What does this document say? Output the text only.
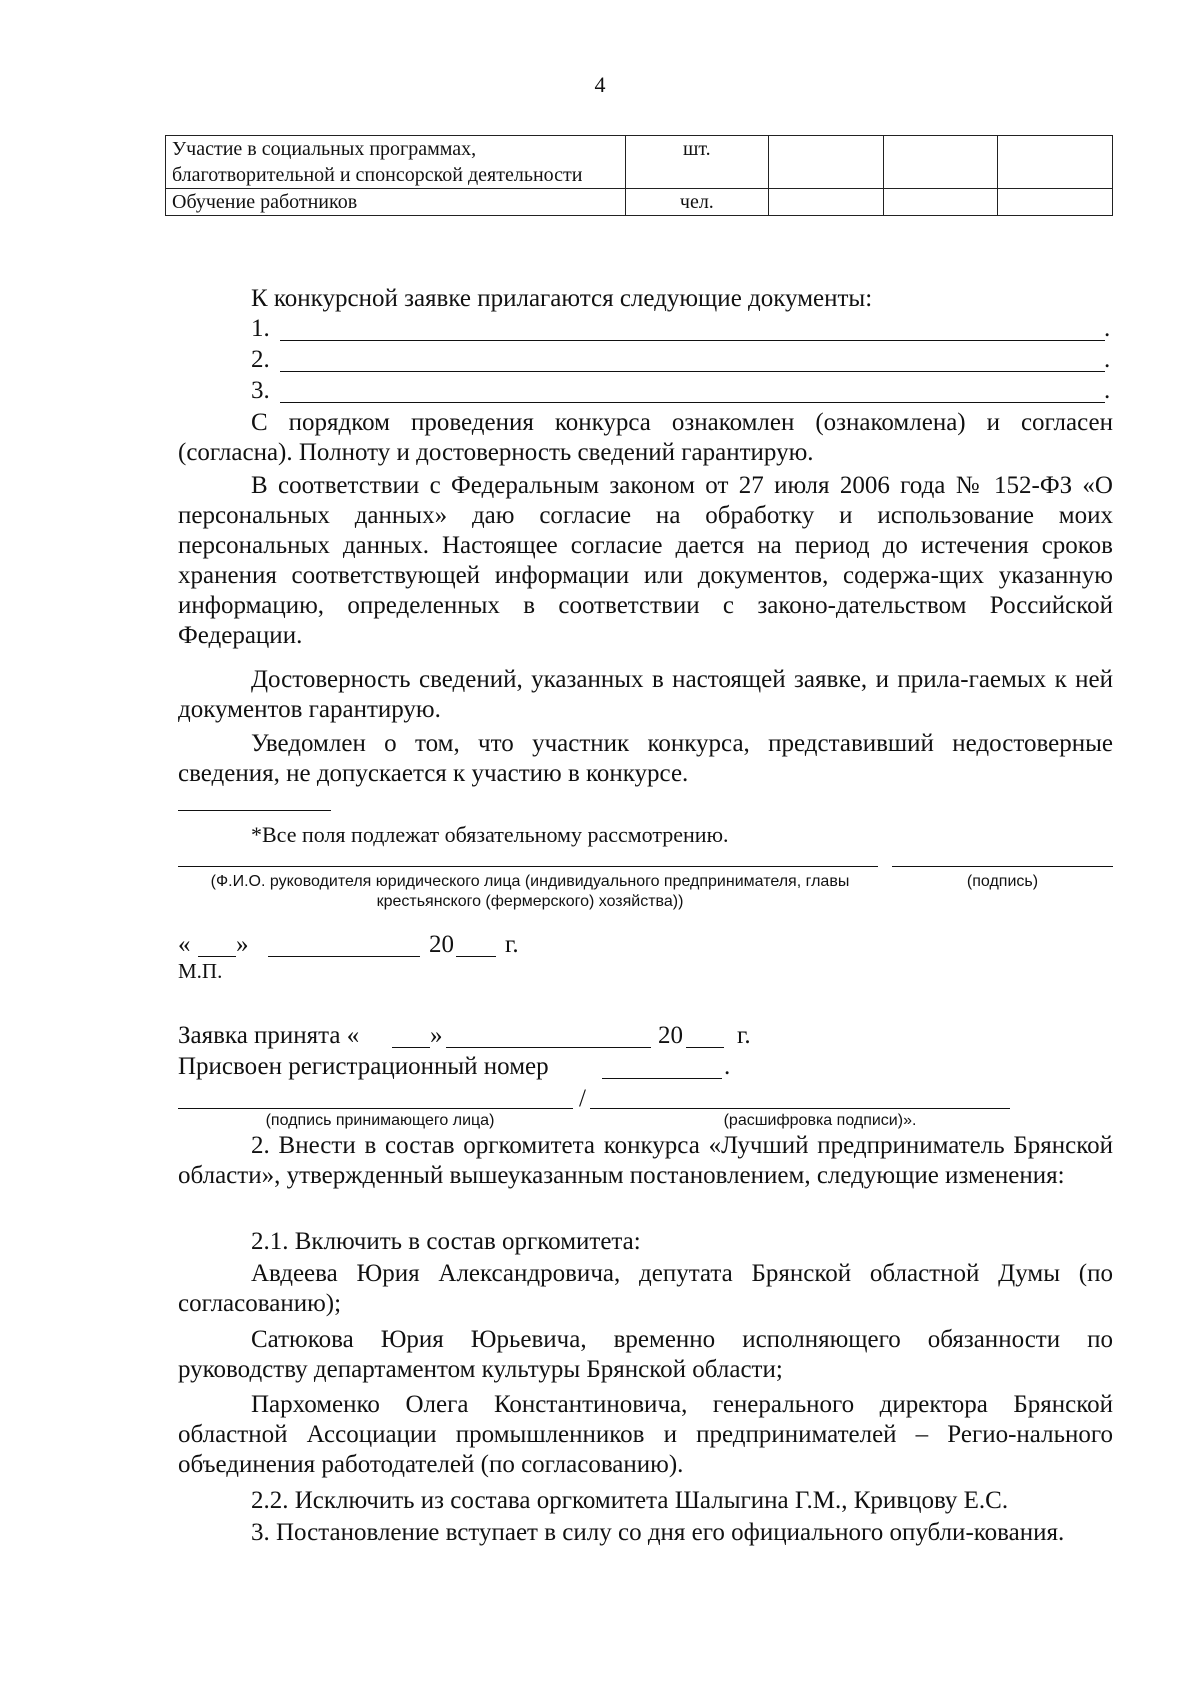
4
Участие в социальных программах, благотворительной и спонсорской деятельности	шт.			
Обучение работников	чел.			

К конкурсной заявке прилагаются следующие документы:

1.	.
2.	.
3.	.

С порядком проведения конкурса ознакомлен (ознакомлена) и согласен (согласна). Полноту и достоверность сведений гарантирую.

В соответствии с Федеральным законом от 27 июля 2006 года № 152-ФЗ «О персональных данных» даю согласие на обработку и использование моих персональных данных. Настоящее согласие дается на период до истечения сроков хранения соответствующей информации или документов, содержа-щих указанную информацию, определенных в соответствии с законо-дательством Российской Федерации.

Достоверность сведений, указанных в настоящей заявке, и прила-гаемых к ней документов гарантирую.

Уведомлен о том, что участник конкурса, представивший недостоверные сведения, не допускается к участию в конкурсе.

*Все поля подлежат обязательному рассмотрению.

(Ф.И.О. руководителя юридического лица (индивидуального предпринимателя, главы крестьянского (фермерского) хозяйства))

(подпись)

« »	20 г.

М.П.

Заявка принята «	»	20 г.
Присвоен регистрационный номер	.
/

(подпись принимающего лица)	(расшифровка подписи)».

2. Внести в состав оргкомитета конкурса «Лучший предприниматель Брянской области», утвержденный вышеуказанным постановлением, следующие изменения:

2.1. Включить в состав оргкомитета:

Авдеева Юрия Александровича, депутата Брянской областной Думы (по согласованию);

Сатюкова Юрия Юрьевича, временно исполняющего обязанности по руководству департаментом культуры Брянской области;

Пархоменко Олега Константиновича, генерального директора Брянской областной Ассоциации промышленников и предпринимателей – Регио-нального объединения работодателей (по согласованию).

2.2. Исключить из состава оргкомитета Шалыгина Г.М., Кривцову Е.С.

3. Постановление вступает в силу со дня его официального опубли-кования.
